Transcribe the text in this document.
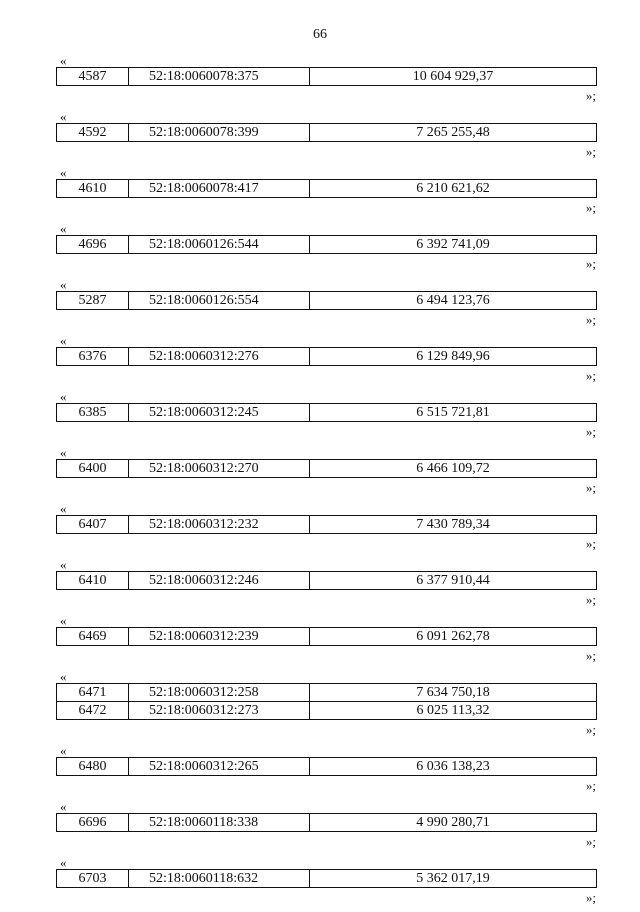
66
«
4587	52:18:0060078:375	10 604 929,37
»;
«
4592	52:18:0060078:399	7 265 255,48
»;
«
4610	52:18:0060078:417	6 210 621,62
»;
«
4696	52:18:0060126:544	6 392 741,09
»;
«
5287	52:18:0060126:554	6 494 123,76
»;
«
6376	52:18:0060312:276	6 129 849,96
»;
«
6385	52:18:0060312:245	6 515 721,81
»;
«
6400	52:18:0060312:270	6 466 109,72
»;
«
6407	52:18:0060312:232	7 430 789,34
»;
«
6410	52:18:0060312:246	6 377 910,44
»;
«
6469	52:18:0060312:239	6 091 262,78
»;
«
6471	52:18:0060312:258	7 634 750,18
6472	52:18:0060312:273	6 025 113,32
»;
«
6480	52:18:0060312:265	6 036 138,23
»;
«
6696	52:18:0060118:338	4 990 280,71
»;
«
6703	52:18:0060118:632	5 362 017,19
»;
